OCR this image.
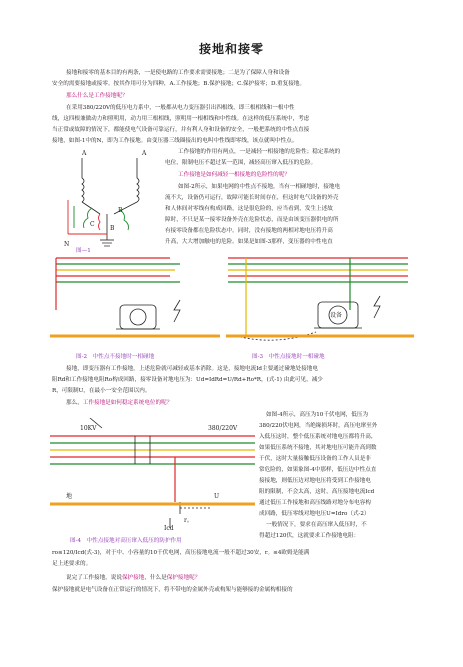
接地和接零
接地和接零的基本目的有两条，一是使电路的工作要求需要接地；二是为了保障人身和设备
安全的需要接地或接零。按其作用可分为四种，A.工作接地；B.保护接地；C.保护接零；D.重复接地。
那么什么是工作接地呢？
在采用380/220V的低压电力系中，一般都从电力变压器引出四根线，即三根相线和一根中性
线，这四根兼做动力和照明用，动力用三根相线，照明用一根相线和中性线。在这样的低压系统中，考虑
当正常或故障的情况下，都能使电气设备可靠运行，并有利人身和设备的安全，一般把系统的中性点直接
接地，如图-1中的N，即为工作接地。由变压器三线圈接出的电叫中性线即零线，该点就叫中性点。
A	A
B
C
B
N
图—1
工作接地的作用有两点，一是减轻一相接地的危险性；稳定系统的
电位，限制电压不超过某一范围，减轻高压窜入低压的危险。
工作接地是如何减轻一相接地的危险性的呢？
如图-2所示，如果电网的中性点不接地，当有一相碰地时，接地电
流不大，设备仍可运行，故障可能长时间存在，但这时电气设备的外壳
和人体间对零线有构成回路，这是很危险的，应当看到，发生上述故
障时，不只是某一接零设备外壳在危险状态，而是由该变压器供电的所
有接零设备都在危险状态中。同时，没有接地的两相对地电压将升高
升高，大大增加触电的危险。如果是如图-3那样，变压器的中性电直
设备
图-2　中性点不接地时一相碰地	图-3　中性点接地时一相碰地
接地，即变压器有工作接地，上述危险就可减轻或基本消除。这是，接地电流Id主要通过碰地处接地电
阻Rd和工作接地电阻Ro构成回路，接零设备对地电压为：Ud=IdRd=U/Rd+Ro*R，(式-1) 由此可见，减少
R，可限制U，在最小一安全范围以内。
那么，工作接地是如何稳定系统电位的呢？
10KV	380/220V
地	U
r。
Icd
图-4　中性点接地对高压窜入低压的防护作用
如图-4所示，高压为10千伏电网，低压为
380/220伏电网，当绝缘损坏时，高压电窜至外
入低压这时，整个低压系统对地电压都将升高，
如果低压系统不接地，其对地电压可能升高到数
千伏，这时大量接触低压设备的工作人员是非
常危险的，如果象图-4中那样，低压边中性点直
接接地，则低压边对地电压将受到工作接地电
阻的限制，不会太高，这时，高压接地电流Icd
通过低压工作接地和高压线路对地分布电容构
成回路，低压零线对地电压U=Idro（式-2）
一般情况下，要求在高压窜入低压时，不
得超过120伏，这就要求工作接地电阻：
ro≤120/Icd(式-3)，对于中、小容量的10千伏电网，高压接地电流一般不超过30安，r。≤4欧姆是能满
足上述要求的。
说完了工作接地，说说保护接地，什么是保护接地呢？
保护接地就是电气设备在正常运行的情况下，将不带电的金属外壳或构架与能够接的金属构相接的
